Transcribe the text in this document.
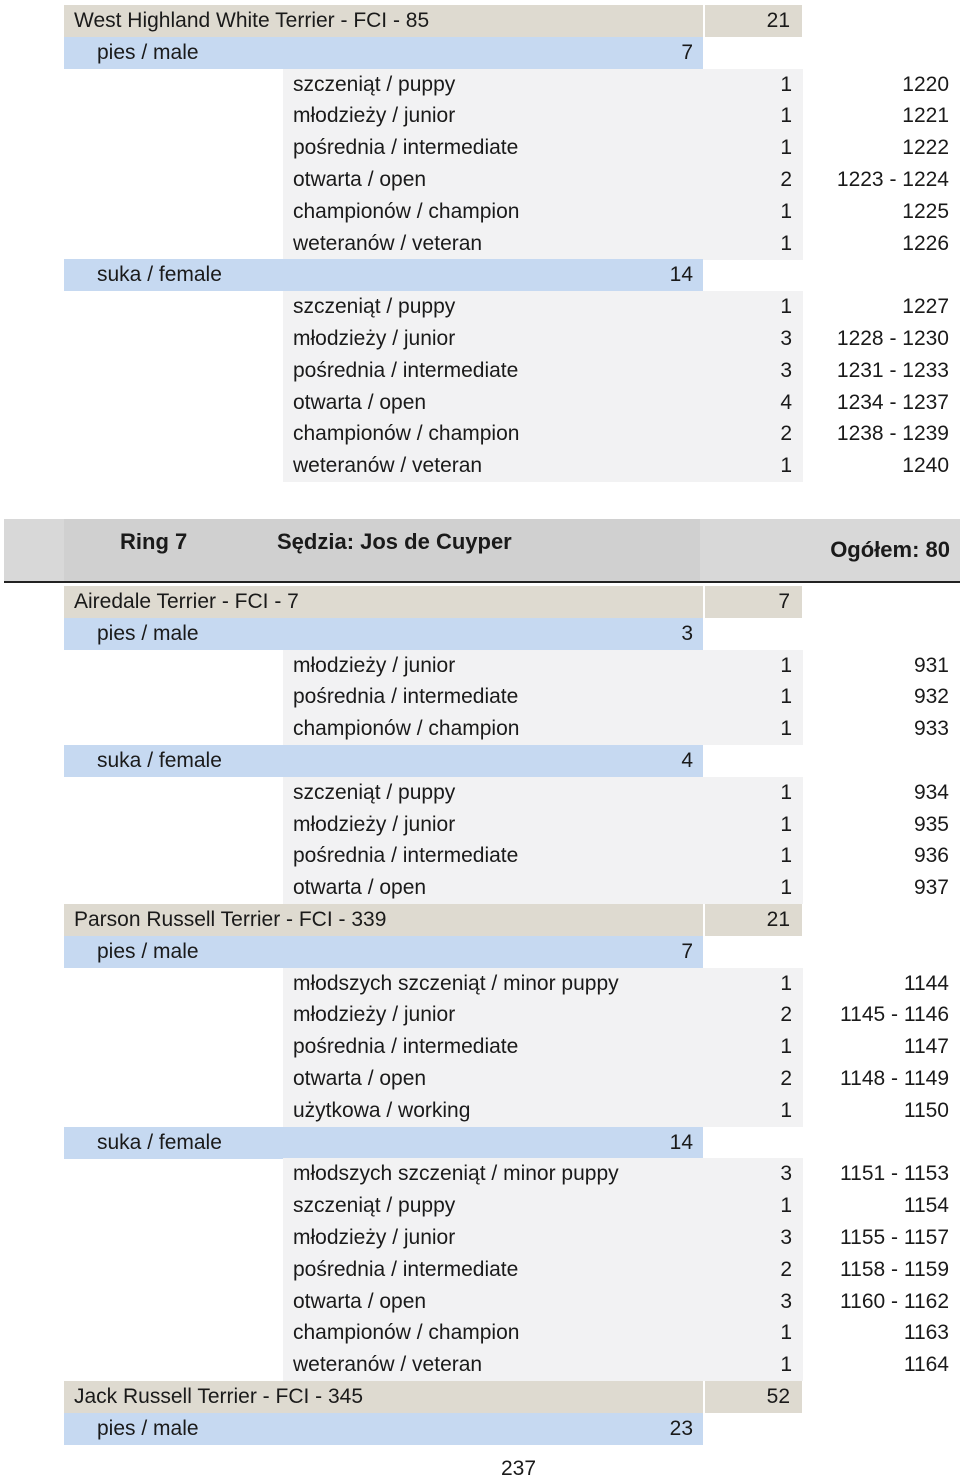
West Highland White Terrier - FCI - 85	21
pies / male	7
szczeniąt / puppy	1	1220
młodzieży / junior	1	1221
pośrednia / intermediate	1	1222
otwarta / open	2 1223 - 1224
championów / champion	1	1225
weteranów / veteran	1	1226
suka / female	14
szczeniąt / puppy	1	1227
młodzieży / junior	3 1228 - 1230
pośrednia / intermediate	3 1231 - 1233
otwarta / open	4 1234 - 1237
championów / champion	2 1238 - 1239
weteranów / veteran	1	1240
Airedale Terrier - FCI - 7	7
pies / male	3
młodzieży / junior	1	931
pośrednia / intermediate	1	932
championów / champion	1	933
suka / female	4
szczeniąt / puppy	1	934
młodzieży / junior	1	935
pośrednia / intermediate	1	936
otwarta / open	1	937
Parson Russell Terrier - FCI - 339	21
pies / male	7
młodszych szczeniąt / minor puppy	1	1144
młodzieży / junior	2 1145 - 1146
pośrednia / intermediate	1	1147
otwarta / open	2 1148 - 1149
użytkowa / working	1	1150
suka / female	14
młodszych szczeniąt / minor puppy	3 1151 - 1153
szczeniąt / puppy	1	1154
młodzieży / junior	3 1155 - 1157
pośrednia / intermediate	2 1158 - 1159
otwarta / open	3 1160 - 1162
championów / champion	1	1163
weteranów / veteran	1	1164
Jack Russell Terrier - FCI - 345	52
pies / male	23
Ring 7	Sędzia: Jos de Cuyper	Ogółem: 80
237
